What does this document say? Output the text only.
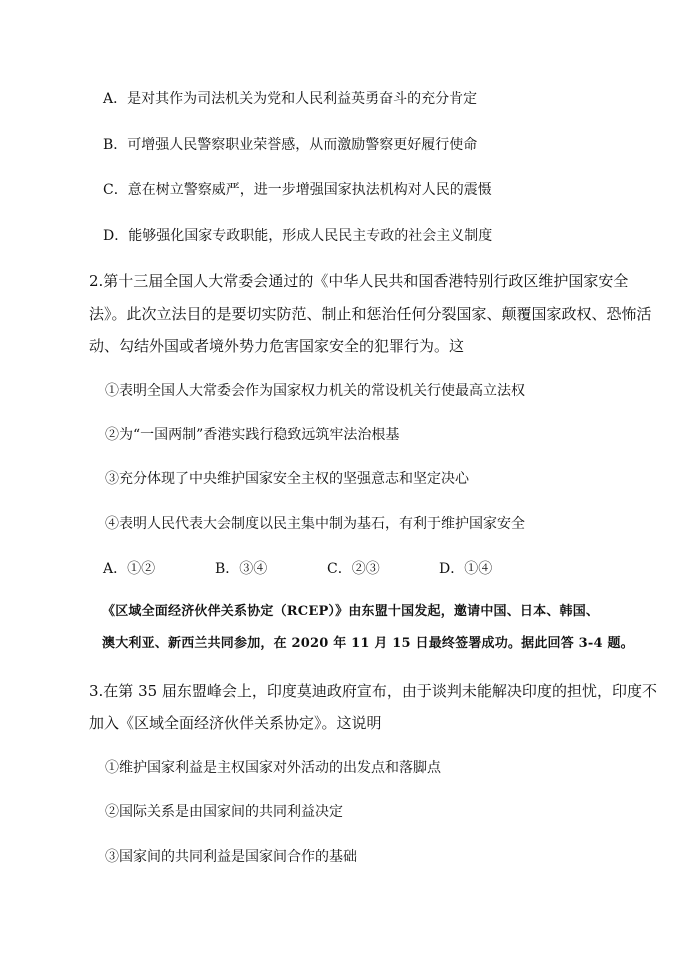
A．是对其作为司法机关为党和人民利益英勇奋斗的充分肯定
B．可增强人民警察职业荣誉感，从而激励警察更好履行使命
C．意在树立警察威严，进一步增强国家执法机构对人民的震慑
D．能够强化国家专政职能，形成人民民主专政的社会主义制度
2.第十三届全国人大常委会通过的《中华人民共和国香港特别行政区维护国家安全
法》。此次立法目的是要切实防范、制止和惩治任何分裂国家、颠覆国家政权、恐怖活
动、勾结外国或者境外势力危害国家安全的犯罪行为。这
①表明全国人大常委会作为国家权力机关的常设机关行使最高立法权
②为“一国两制”香港实践行稳致远筑牢法治根基
③充分体现了中央维护国家安全主权的坚强意志和坚定决心
④表明人民代表大会制度以民主集中制为基石，有利于维护国家安全
A．①②	B．③④	C．②③	D．①④
《区域全面经济伙伴关系协定（RCEP）》由东盟十国发起，邀请中国、日本、韩国、
澳大利亚、新西兰共同参加，在 2020 年 11 月 15 日最终签署成功。据此回答 3-4 题。
3.在第 35 届东盟峰会上，印度莫迪政府宣布，由于谈判未能解决印度的担忧，印度不
加入《区域全面经济伙伴关系协定》。这说明
①维护国家利益是主权国家对外活动的出发点和落脚点
②国际关系是由国家间的共同利益决定
③国家间的共同利益是国家间合作的基础
